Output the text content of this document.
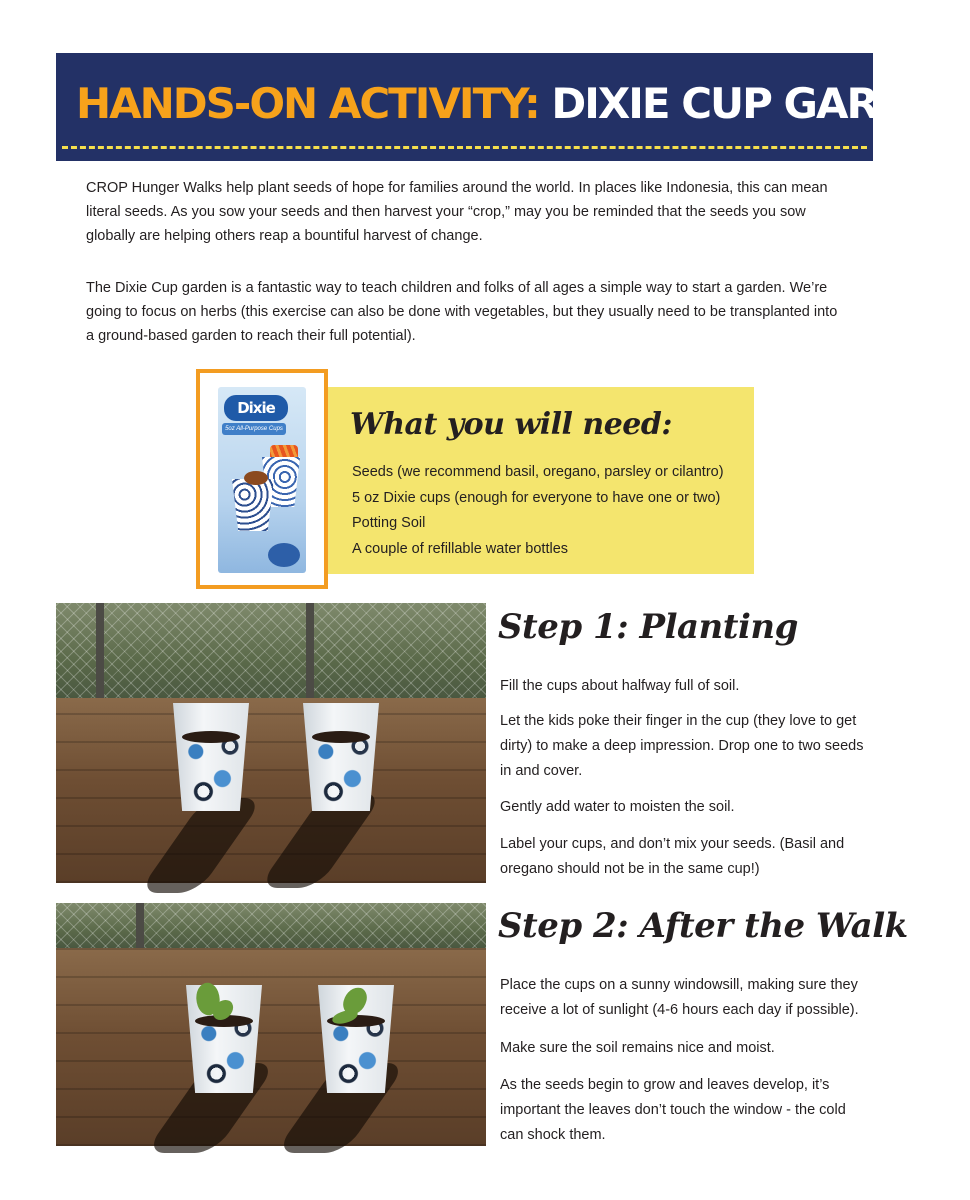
HANDS-ON ACTIVITY: DIXIE CUP GARDEN

CROP Hunger Walks help plant seeds of hope for families around the world. In places like Indonesia, this can mean literal seeds. As you sow your seeds and then harvest your “crop,” may you be reminded that the seeds you sow globally are helping others reap a bountiful harvest of change.

The Dixie Cup garden is a fantastic way to teach children and folks of all ages a simple way to start a garden. We’re going to focus on herbs (this exercise can also be done with vegetables, but they usually need to be transplanted into a ground-based garden to reach their full potential).

Dixie
5oz All-Purpose Cups What you will need:
Seeds (we recommend basil, oregano, parsley or cilantro)
5 oz Dixie cups (enough for everyone to have one or two)
Potting Soil
A couple of refillable water bottles
Step 1: Planting

Fill the cups about halfway full of soil.

Let the kids poke their finger in the cup (they love to get dirty) to make a deep impression. Drop one to two seeds in and cover.

Gently add water to moisten the soil.

Label your cups, and don’t mix your seeds. (Basil and oregano should not be in the same cup!)

Step 2: After the Walk

Place the cups on a sunny windowsill, making sure they receive a lot of sunlight (4-6 hours each day if possible).

Make sure the soil remains nice and moist.

As the seeds begin to grow and leaves develop, it’s important the leaves don’t touch the window - the cold can shock them.
